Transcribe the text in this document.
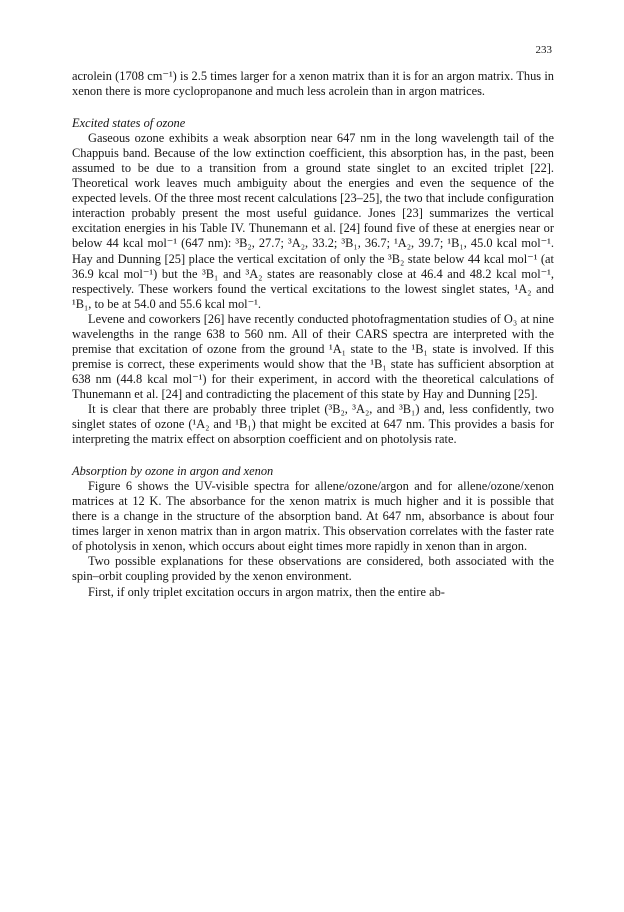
233

acrolein (1708 cm⁻¹) is 2.5 times larger for a xenon matrix than it is for an argon matrix. Thus in xenon there is more cyclopropanone and much less acrolein than in argon matrices.

Excited states of ozone

Gaseous ozone exhibits a weak absorption near 647 nm in the long wavelength tail of the Chappuis band. Because of the low extinction coefficient, this absorption has, in the past, been assumed to be due to a transition from a ground state singlet to an excited triplet [22]. Theoretical work leaves much ambiguity about the energies and even the sequence of the expected levels. Of the three most recent calculations [23–25], the two that include configuration interaction probably present the most useful guidance. Jones [23] summarizes the vertical excitation energies in his Table IV. Thunemann et al. [24] found five of these at energies near or below 44 kcal mol⁻¹ (647 nm): ³B₂, 27.7; ³A₂, 33.2; ³B₁, 36.7; ¹A₂, 39.7; ¹B₁, 45.0 kcal mol⁻¹. Hay and Dunning [25] place the vertical excitation of only the ³B₂ state below 44 kcal mol⁻¹ (at 36.9 kcal mol⁻¹) but the ³B₁ and ³A₂ states are reasonably close at 46.4 and 48.2 kcal mol⁻¹, respectively. These workers found the vertical excitations to the lowest singlet states, ¹A₂ and ¹B₁, to be at 54.0 and 55.6 kcal mol⁻¹.

Levene and coworkers [26] have recently conducted photofragmentation studies of O₃ at nine wavelengths in the range 638 to 560 nm. All of their CARS spectra are interpreted with the premise that excitation of ozone from the ground ¹A₁ state to the ¹B₁ state is involved. If this premise is correct, these experiments would show that the ¹B₁ state has sufficient absorption at 638 nm (44.8 kcal mol⁻¹) for their experiment, in accord with the theoretical calculations of Thunemann et al. [24] and contradicting the placement of this state by Hay and Dunning [25].

It is clear that there are probably three triplet (³B₂, ³A₂, and ³B₁) and, less confidently, two singlet states of ozone (¹A₂ and ¹B₁) that might be excited at 647 nm. This provides a basis for interpreting the matrix effect on absorption coefficient and on photolysis rate.

Absorption by ozone in argon and xenon

Figure 6 shows the UV-visible spectra for allene/ozone/argon and for allene/ozone/xenon matrices at 12 K. The absorbance for the xenon matrix is much higher and it is possible that there is a change in the structure of the absorption band. At 647 nm, absorbance is about four times larger in xenon matrix than in argon matrix. This observation correlates with the faster rate of photolysis in xenon, which occurs about eight times more rapidly in xenon than in argon.

Two possible explanations for these observations are considered, both associated with the spin–orbit coupling provided by the xenon environment.

First, if only triplet excitation occurs in argon matrix, then the entire ab-
